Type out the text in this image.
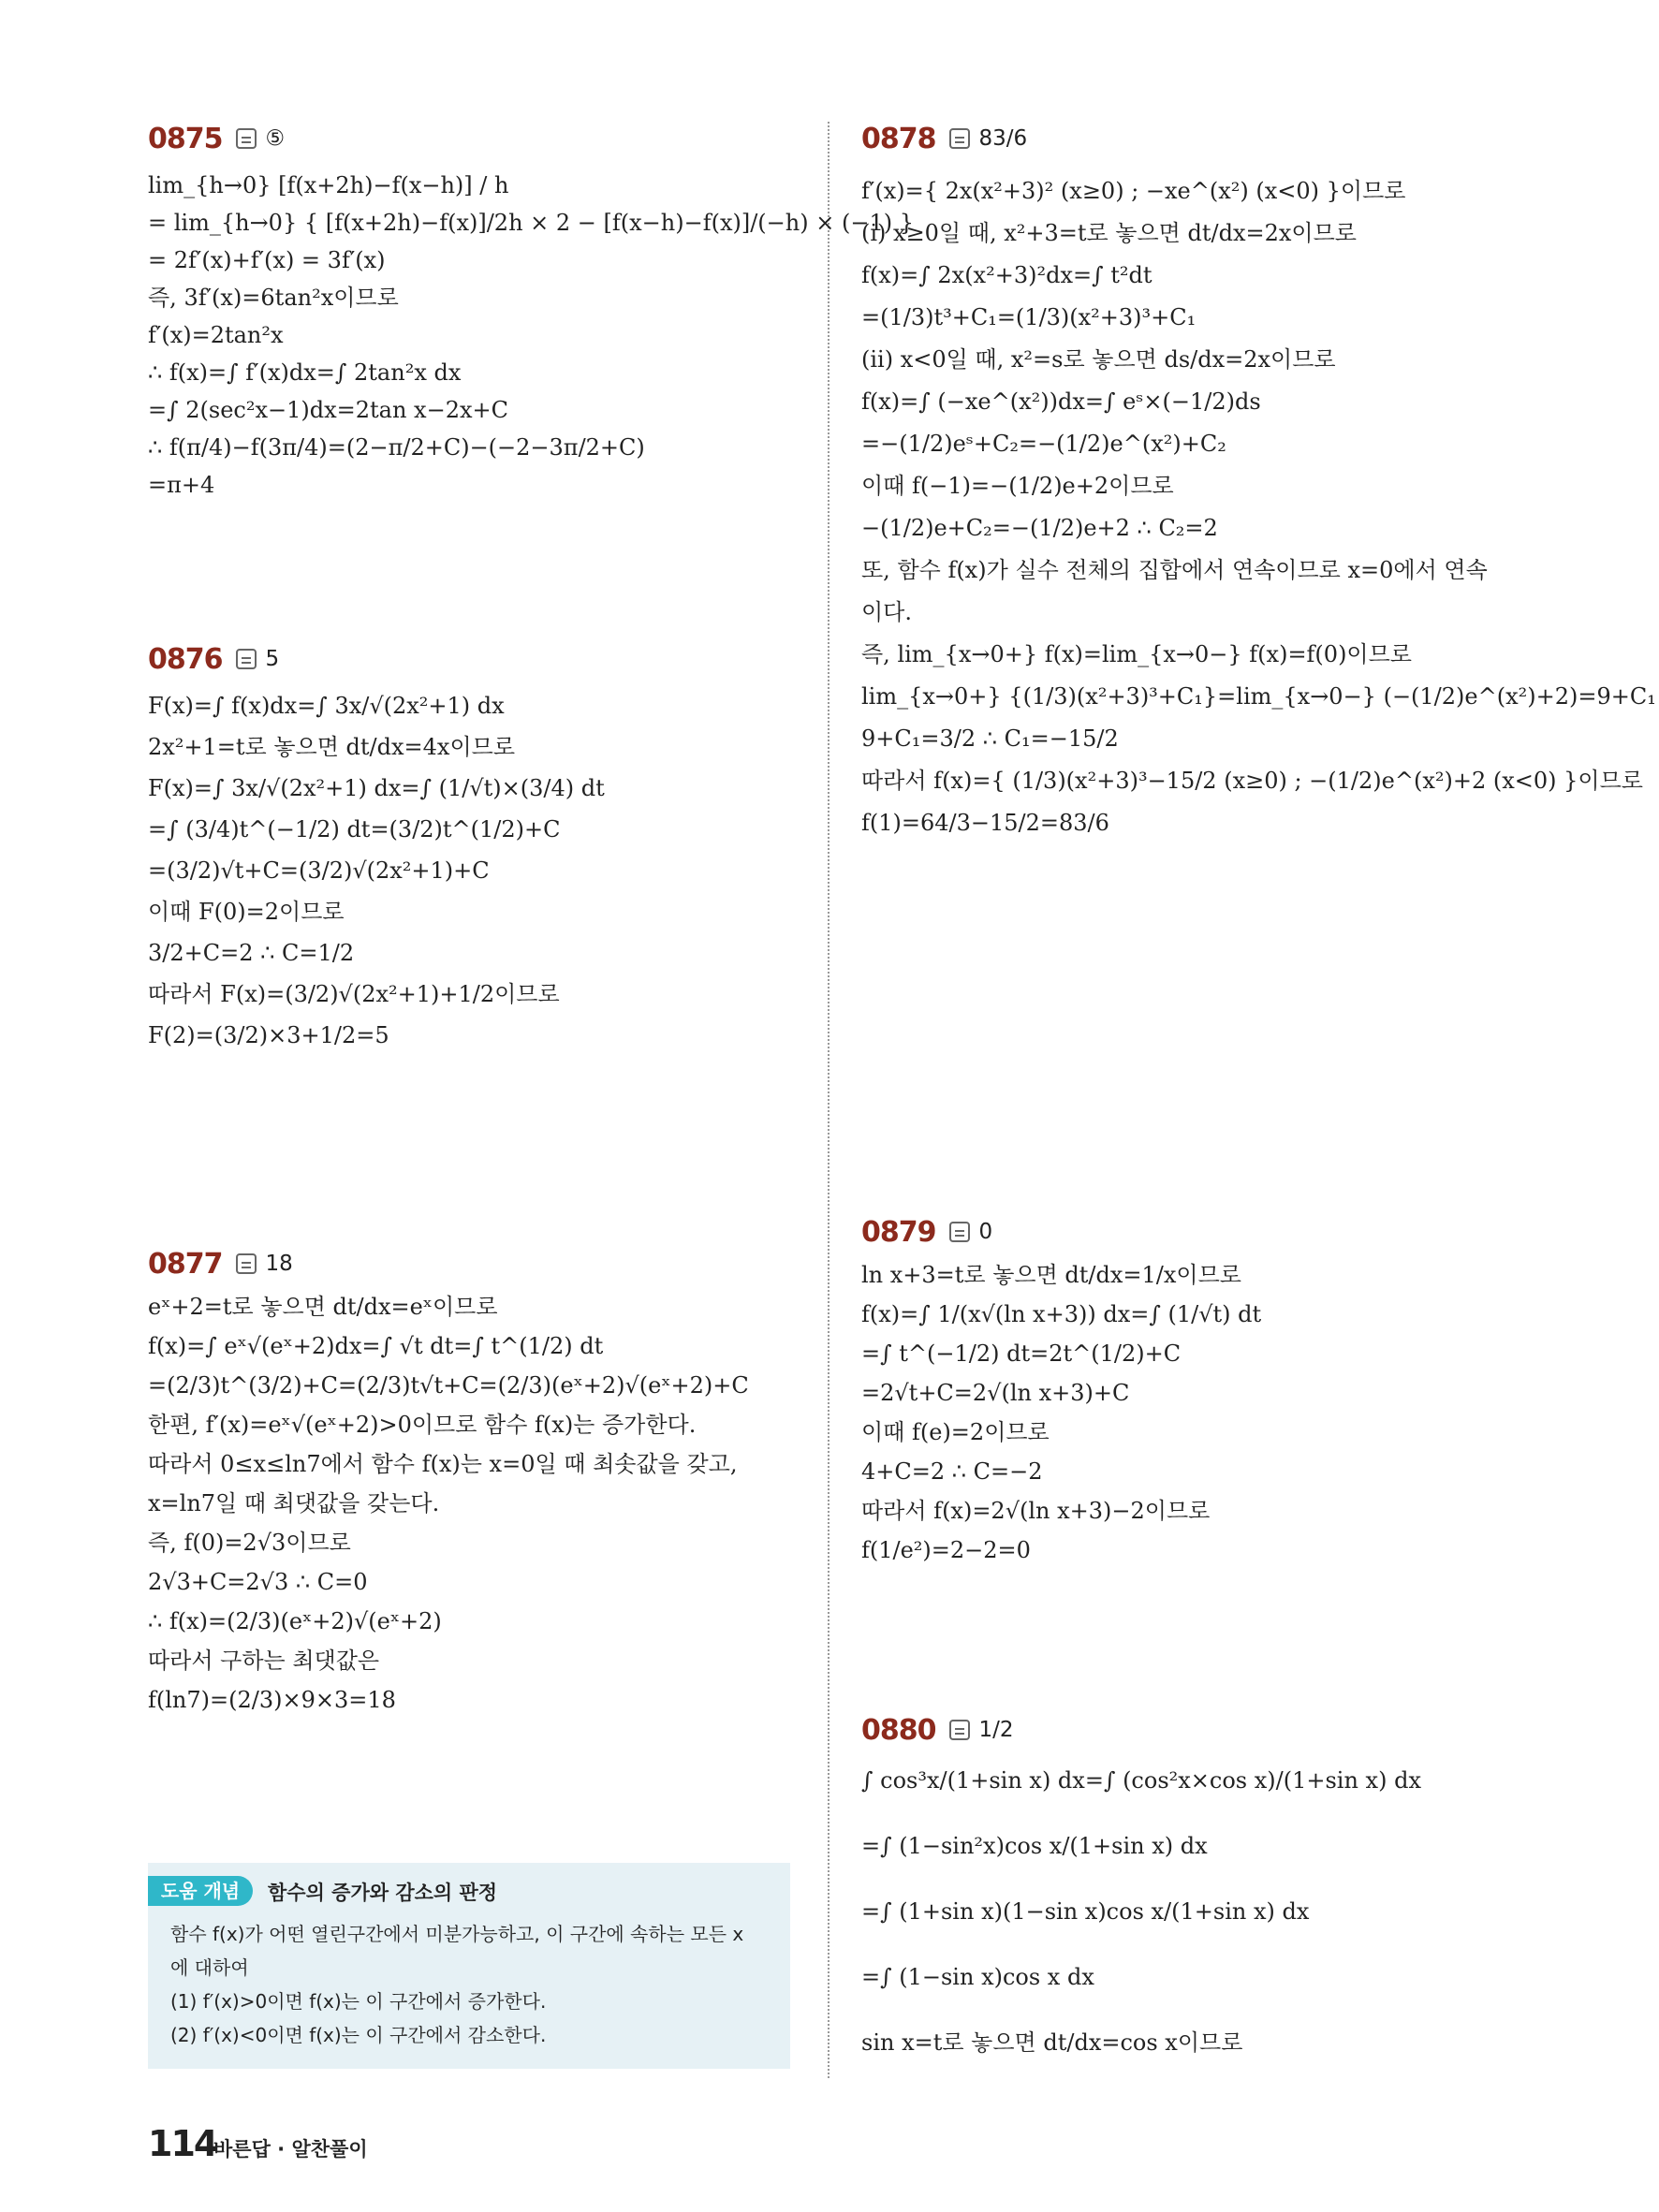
0875 ⑤
lim_{h→0} [f(x+2h)−f(x−h)] / h
= lim_{h→0} { [f(x+2h)−f(x)]/2h × 2 − [f(x−h)−f(x)]/(−h) × (−1) }
= 2f′(x)+f′(x) = 3f′(x)
즉, 3f′(x)=6tan²x이므로
f′(x)=2tan²x
∴ f(x)=∫ f′(x)dx=∫ 2tan²x dx
=∫ 2(sec²x−1)dx=2tan x−2x+C
∴ f(π/4)−f(3π/4)=(2−π/2+C)−(−2−3π/2+C)
=π+4
0876 5
F(x)=∫ f(x)dx=∫ 3x/√(2x²+1) dx
2x²+1=t로 놓으면 dt/dx=4x이므로
F(x)=∫ 3x/√(2x²+1) dx=∫ (1/√t)×(3/4) dt
=∫ (3/4)t^(−1/2) dt=(3/2)t^(1/2)+C
=(3/2)√t+C=(3/2)√(2x²+1)+C
이때 F(0)=2이므로
3/2+C=2 ∴ C=1/2
따라서 F(x)=(3/2)√(2x²+1)+1/2이므로
F(2)=(3/2)×3+1/2=5
0877 18
eˣ+2=t로 놓으면 dt/dx=eˣ이므로
f(x)=∫ eˣ√(eˣ+2)dx=∫ √t dt=∫ t^(1/2) dt
=(2/3)t^(3/2)+C=(2/3)t√t+C=(2/3)(eˣ+2)√(eˣ+2)+C
한편, f′(x)=eˣ√(eˣ+2)>0이므로 함수 f(x)는 증가한다.
따라서 0≤x≤ln7에서 함수 f(x)는 x=0일 때 최솟값을 갖고,
x=ln7일 때 최댓값을 갖는다.
즉, f(0)=2√3이므로
2√3+C=2√3 ∴ C=0
∴ f(x)=(2/3)(eˣ+2)√(eˣ+2)
따라서 구하는 최댓값은
f(ln7)=(2/3)×9×3=18
도움 개념	함수의 증가와 감소의 판정
함수 f(x)가 어떤 열린구간에서 미분가능하고, 이 구간에 속하는 모든 x
에 대하여
(1) f′(x)>0이면 f(x)는 이 구간에서 증가한다.
(2) f′(x)<0이면 f(x)는 이 구간에서 감소한다.
0878 83/6
f′(x)={ 2x(x²+3)² (x≥0) ; −xe^(x²) (x<0) }이므로
(i) x≥0일 때, x²+3=t로 놓으면 dt/dx=2x이므로
f(x)=∫ 2x(x²+3)²dx=∫ t²dt
=(1/3)t³+C₁=(1/3)(x²+3)³+C₁
(ii) x<0일 때, x²=s로 놓으면 ds/dx=2x이므로
f(x)=∫ (−xe^(x²))dx=∫ eˢ×(−1/2)ds
=−(1/2)eˢ+C₂=−(1/2)e^(x²)+C₂
이때 f(−1)=−(1/2)e+2이므로
−(1/2)e+C₂=−(1/2)e+2 ∴ C₂=2
또, 함수 f(x)가 실수 전체의 집합에서 연속이므로 x=0에서 연속
이다.
즉, lim_{x→0+} f(x)=lim_{x→0−} f(x)=f(0)이므로
lim_{x→0+} {(1/3)(x²+3)³+C₁}=lim_{x→0−} (−(1/2)e^(x²)+2)=9+C₁
9+C₁=3/2 ∴ C₁=−15/2
따라서 f(x)={ (1/3)(x²+3)³−15/2 (x≥0) ; −(1/2)e^(x²)+2 (x<0) }이므로
f(1)=64/3−15/2=83/6
0879 0
ln x+3=t로 놓으면 dt/dx=1/x이므로
f(x)=∫ 1/(x√(ln x+3)) dx=∫ (1/√t) dt
=∫ t^(−1/2) dt=2t^(1/2)+C
=2√t+C=2√(ln x+3)+C
이때 f(e)=2이므로
4+C=2 ∴ C=−2
따라서 f(x)=2√(ln x+3)−2이므로
f(1/e²)=2−2=0
0880 1/2
∫ cos³x/(1+sin x) dx=∫ (cos²x×cos x)/(1+sin x) dx
=∫ (1−sin²x)cos x/(1+sin x) dx
=∫ (1+sin x)(1−sin x)cos x/(1+sin x) dx
=∫ (1−sin x)cos x dx
sin x=t로 놓으면 dt/dx=cos x이므로
114
바른답 · 알찬풀이
